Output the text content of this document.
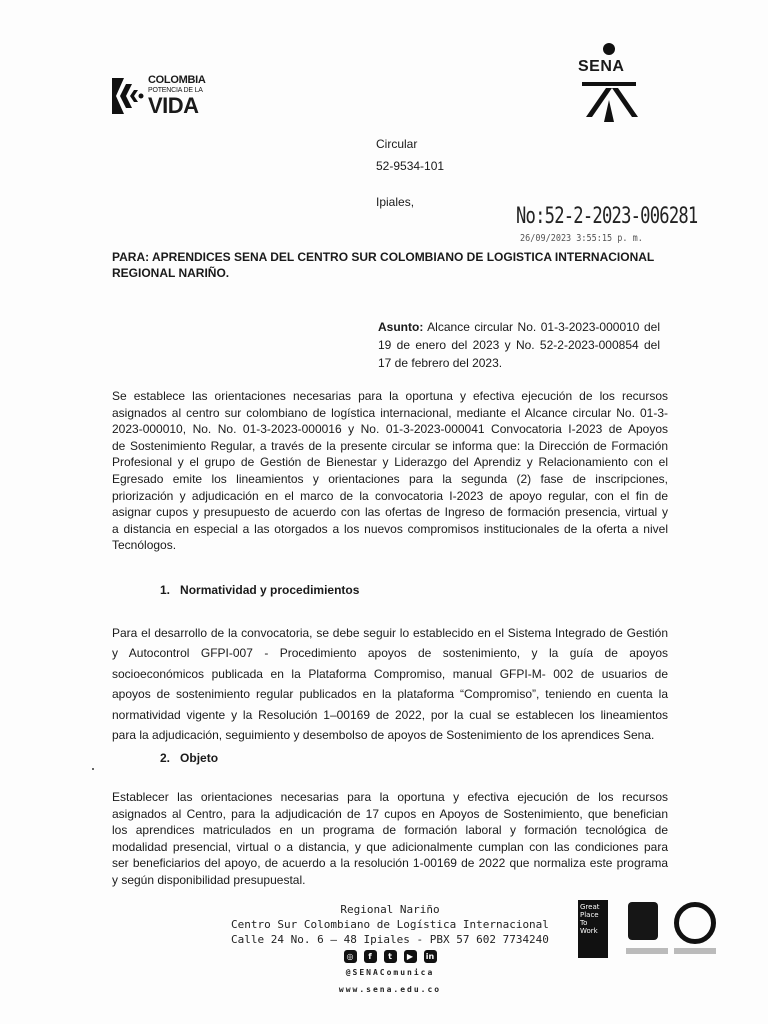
COLOMBIA
POTENCIA DE LA
VIDA
SENA
Circular
52-9534-101
Ipiales,
No:52-2-2023-006281
26/09/2023 3:55:15 p. m.
PARA: APRENDICES SENA DEL CENTRO SUR COLOMBIANO DE LOGISTICA INTERNACIONAL
REGIONAL NARIÑO.
Asunto: Alcance circular No. 01-3-2023-000010 del
19 de enero del 2023 y No. 52-2-2023-000854 del
17 de febrero del 2023.
Se establece las orientaciones necesarias para la oportuna y efectiva ejecución de los recursos
asignados al centro sur colombiano de logística internacional, mediante el Alcance circular No. 01-3-
2023-000010, No. No. 01-3-2023-000016 y No. 01-3-2023-000041 Convocatoria I-2023 de Apoyos
de Sostenimiento Regular, a través de la presente circular se informa que: la Dirección de Formación
Profesional y el grupo de Gestión de Bienestar y Liderazgo del Aprendiz y Relacionamiento con el
Egresado emite los lineamientos y orientaciones para la segunda (2) fase de inscripciones,
priorización y adjudicación en el marco de la convocatoria I-2023 de apoyo regular, con el fin de
asignar cupos y presupuesto de acuerdo con las ofertas de Ingreso de formación presencia, virtual y
a distancia en especial a las otorgados a los nuevos compromisos institucionales de la oferta a nivel
Tecnólogos.
1. Normatividad y procedimientos
Para el desarrollo de la convocatoria, se debe seguir lo establecido en el Sistema Integrado de Gestión
y Autocontrol GFPI-007 - Procedimiento apoyos de sostenimiento, y la guía de apoyos
socioeconómicos publicada en la Plataforma Compromiso, manual GFPI-M- 002 de usuarios de
apoyos de sostenimiento regular publicados en la plataforma “Compromiso”, teniendo en cuenta la
normatividad vigente y la Resolución 1–00169 de 2022, por la cual se establecen los lineamientos
para la adjudicación, seguimiento y desembolso de apoyos de Sostenimiento de los aprendices Sena.
2. Objeto
Establecer las orientaciones necesarias para la oportuna y efectiva ejecución de los recursos
asignados al Centro, para la adjudicación de 17 cupos en Apoyos de Sostenimiento, que benefician
los aprendices matriculados en un programa de formación laboral y formación tecnológica de
modalidad presencial, virtual o a distancia, y que adicionalmente cumplan con las condiciones para
ser beneficiarios del apoyo, de acuerdo a la resolución 1-00169 de 2022 que normaliza este programa
y según disponibilidad presupuestal.
Regional Nariño
Centro Sur Colombiano de Logística Internacional
Calle 24 No. 6 – 48 Ipiales - PBX 57 602 7734240
◎	f	t	▶	in
@SENAComunica
www.sena.edu.co
Great
Place
To
Work
